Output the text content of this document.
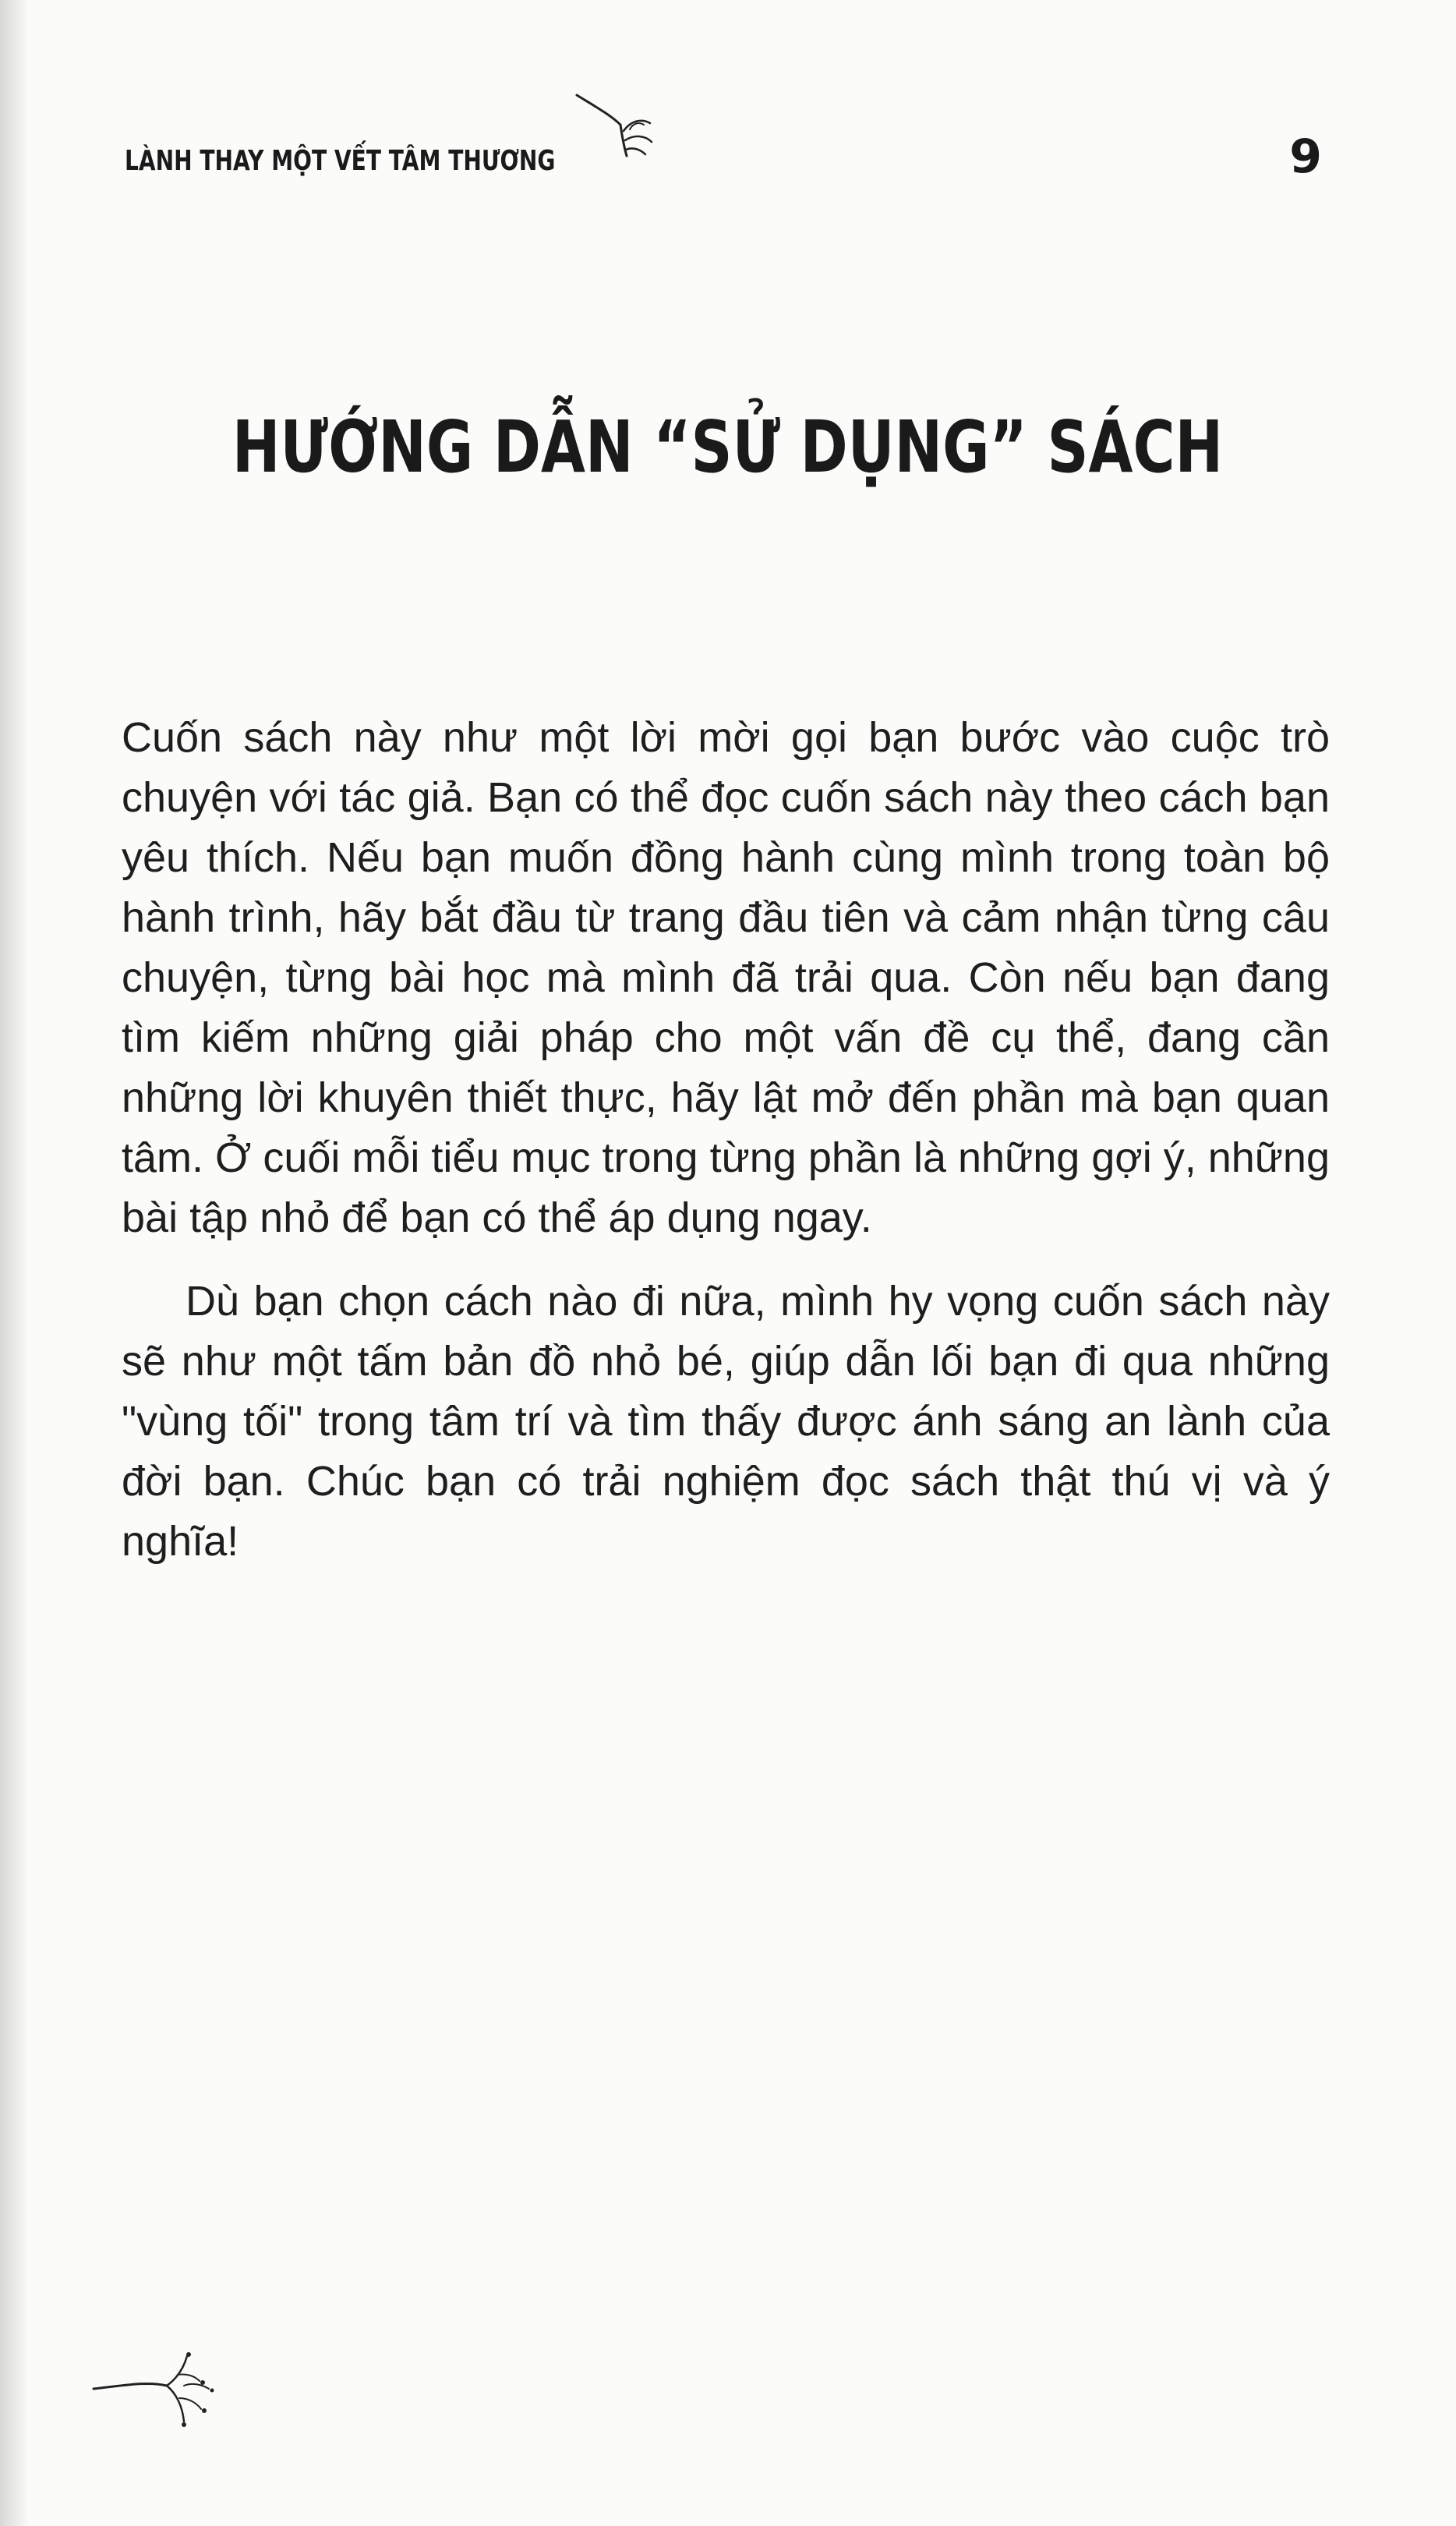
LÀNH THAY MỘT VẾT TÂM THƯƠNG	9
HƯỚNG DẪN “SỬ DỤNG” SÁCH

Cuốn sách này như một lời mời gọi bạn bước vào cuộc trò chuyện với tác giả. Bạn có thể đọc cuốn sách này theo cách bạn yêu thích. Nếu bạn muốn đồng hành cùng mình trong toàn bộ hành trình, hãy bắt đầu từ trang đầu tiên và cảm nhận từng câu chuyện, từng bài học mà mình đã trải qua. Còn nếu bạn đang tìm kiếm những giải pháp cho một vấn đề cụ thể, đang cần những lời khuyên thiết thực, hãy lật mở đến phần mà bạn quan tâm. Ở cuối mỗi tiểu mục trong từng phần là những gợi ý, những bài tập nhỏ để bạn có thể áp dụng ngay.

Dù bạn chọn cách nào đi nữa, mình hy vọng cuốn sách này sẽ như một tấm bản đồ nhỏ bé, giúp dẫn lối bạn đi qua những "vùng tối" trong tâm trí và tìm thấy được ánh sáng an lành của đời bạn. Chúc bạn có trải nghiệm đọc sách thật thú vị và ý nghĩa!
